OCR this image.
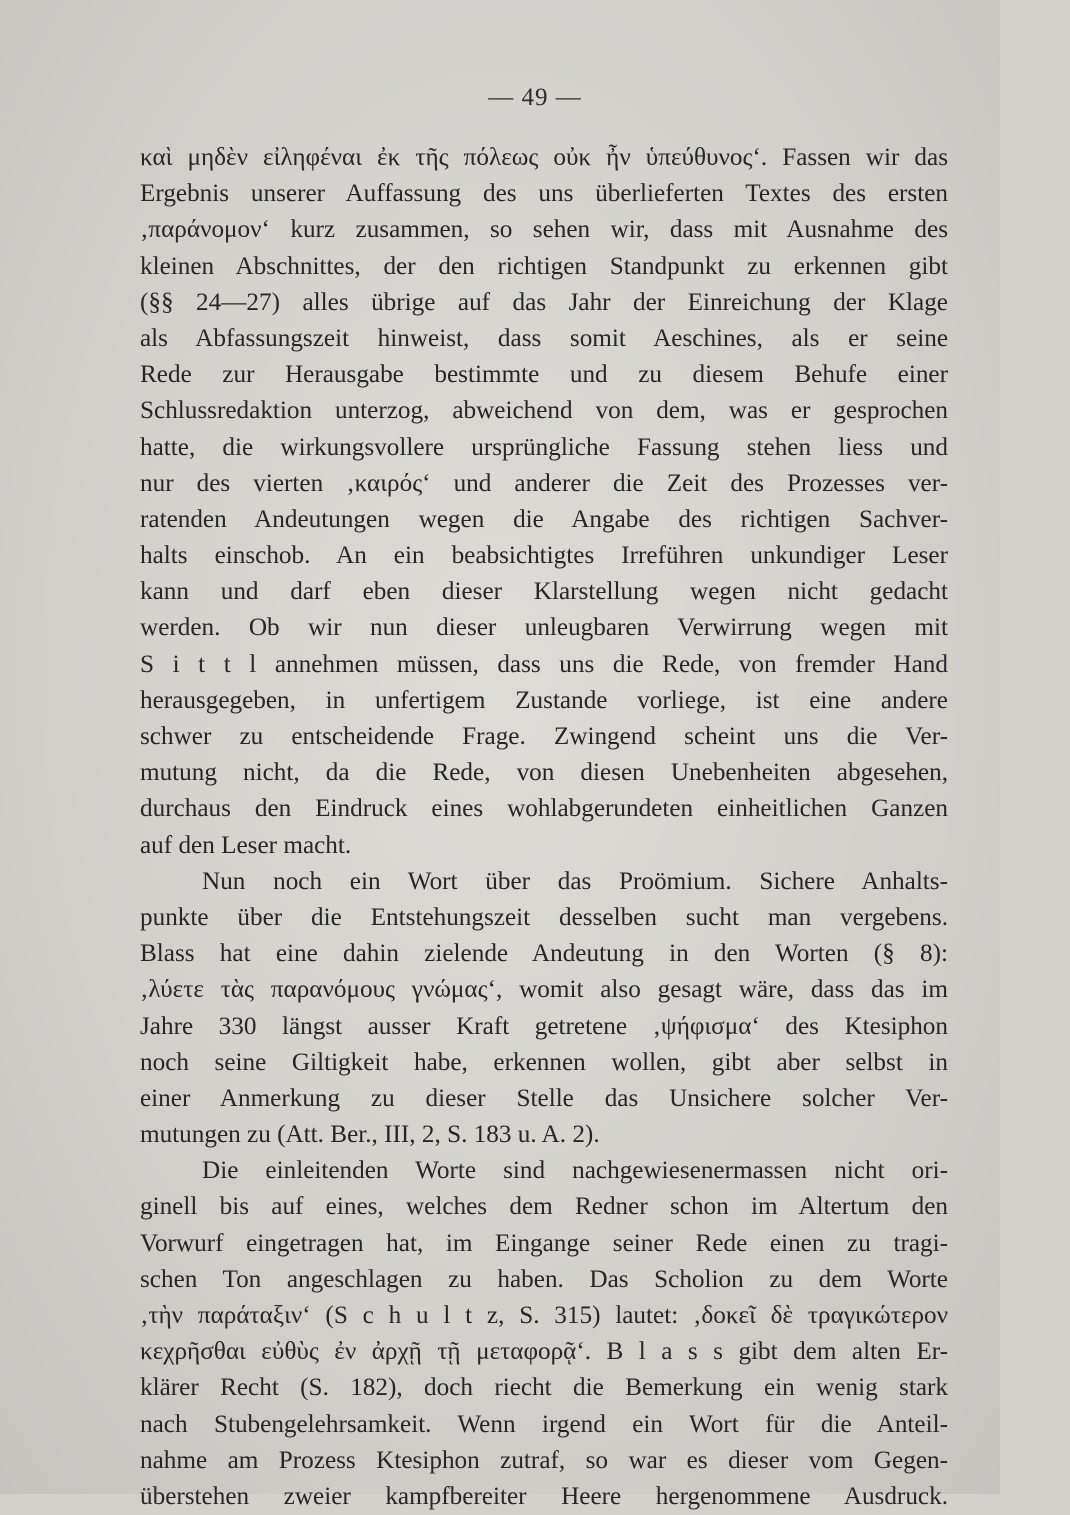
— 49 —
καὶ μηδὲν εἰληφέναι ἐκ τῆς πόλεως οὐκ ἦν ὑπεύθυνος‘. Fassen wir das
Ergebnis unserer Auffassung des uns überlieferten Textes des ersten
‚παράνομον‘ kurz zusammen, so sehen wir, dass mit Ausnahme des
kleinen Abschnittes, der den richtigen Standpunkt zu erkennen gibt
(§§ 24—27) alles übrige auf das Jahr der Einreichung der Klage
als Abfassungszeit hinweist, dass somit Aeschines, als er seine
Rede zur Herausgabe bestimmte und zu diesem Behufe einer
Schlussredaktion unterzog, abweichend von dem, was er gesprochen
hatte, die wirkungsvollere ursprüngliche Fassung stehen liess und
nur des vierten ‚καιρός‘ und anderer die Zeit des Prozesses ver-
ratenden Andeutungen wegen die Angabe des richtigen Sachver-
halts einschob. An ein beabsichtigtes Irreführen unkundiger Leser
kann und darf eben dieser Klarstellung wegen nicht gedacht
werden. Ob wir nun dieser unleugbaren Verwirrung wegen mit
S i t t l annehmen müssen, dass uns die Rede, von fremder Hand
herausgegeben, in unfertigem Zustande vorliege, ist eine andere
schwer zu entscheidende Frage. Zwingend scheint uns die Ver-
mutung nicht, da die Rede, von diesen Unebenheiten abgesehen,
durchaus den Eindruck eines wohlabgerundeten einheitlichen Ganzen
auf den Leser macht.
Nun noch ein Wort über das Proömium. Sichere Anhalts-
punkte über die Entstehungszeit desselben sucht man vergebens.
Blass hat eine dahin zielende Andeutung in den Worten (§ 8):
‚λύετε τὰς παρανόμους γνώμας‘, womit also gesagt wäre, dass das im
Jahre 330 längst ausser Kraft getretene ‚ψήφισμα‘ des Ktesiphon
noch seine Giltigkeit habe, erkennen wollen, gibt aber selbst in
einer Anmerkung zu dieser Stelle das Unsichere solcher Ver-
mutungen zu (Att. Ber., III, 2, S. 183 u. A. 2).
Die einleitenden Worte sind nachgewiesenermassen nicht ori-
ginell bis auf eines, welches dem Redner schon im Altertum den
Vorwurf eingetragen hat, im Eingange seiner Rede einen zu tragi-
schen Ton angeschlagen zu haben. Das Scholion zu dem Worte
‚τὴν παράταξιν‘ (S c h u l t z, S. 315) lautet: ‚δοκεῖ δὲ τραγικώτερον
κεχρῆσθαι εὐθὺς ἐν ἀρχῇ τῇ μεταφορᾷ‘. B l a s s gibt dem alten Er-
klärer Recht (S. 182), doch riecht die Bemerkung ein wenig stark
nach Stubengelehrsamkeit. Wenn irgend ein Wort für die Anteil-
nahme am Prozess Ktesiphon zutraf, so war es dieser vom Gegen-
überstehen zweier kampfbereiter Heere hergenommene Ausdruck.
